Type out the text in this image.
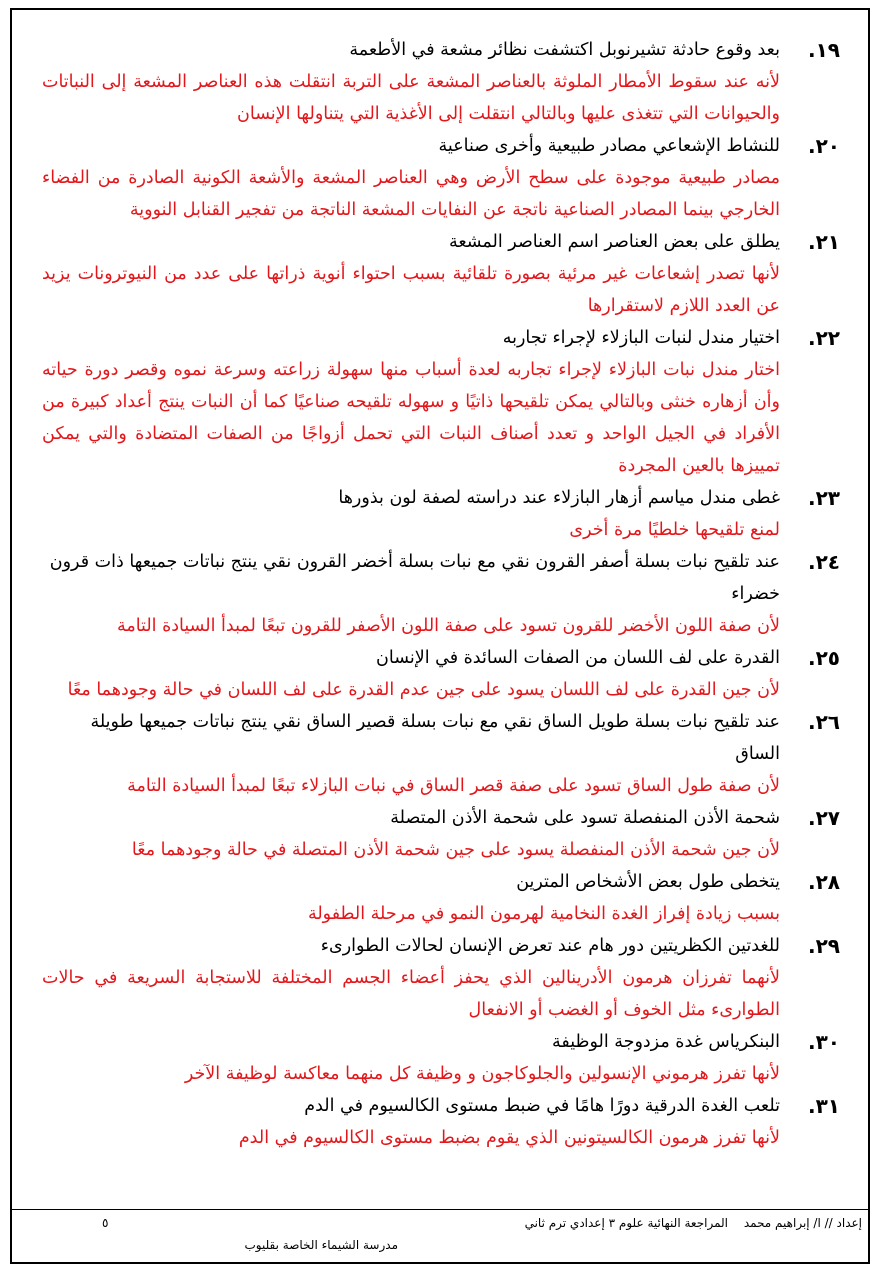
١٩.

بعد وقوع حادثة تشيرنوبل اكتشفت نظائر مشعة في الأطعمة

لأنه عند سقوط الأمطار الملوثة بالعناصر المشعة على التربة انتقلت هذه العناصر المشعة إلى النباتات والحيوانات التي تتغذى عليها وبالتالي انتقلت إلى الأغذية التي يتناولها الإنسان

٢٠.

للنشاط الإشعاعي مصادر طبيعية وأخرى صناعية

مصادر طبيعية موجودة على سطح الأرض وهي العناصر المشعة والأشعة الكونية الصادرة من الفضاء الخارجي بينما المصادر الصناعية ناتجة عن النفايات المشعة الناتجة من تفجير القنابل النووية

٢١.

يطلق على بعض العناصر اسم العناصر المشعة

لأنها تصدر إشعاعات غير مرئية بصورة تلقائية بسبب احتواء أنوية ذراتها على عدد من النيوترونات يزيد عن العدد اللازم لاستقرارها

٢٢.

اختيار مندل لنبات البازلاء لإجراء تجاربه

اختار مندل نبات البازلاء لإجراء تجاربه لعدة أسباب منها سهولة زراعته وسرعة نموه وقصر دورة حياته وأن أزهاره خنثى وبالتالي يمكن تلقيحها ذاتيًا و سهوله تلقيحه صناعيًا كما أن النبات ينتج أعداد كبيرة من الأفراد في الجيل الواحد و تعدد أصناف النبات التي تحمل أزواجًا من الصفات المتضادة والتي يمكن تمييزها بالعين المجردة

٢٣.

غطى مندل مياسم أزهار البازلاء عند دراسته لصفة لون بذورها

لمنع تلقيحها خلطيًا مرة أخرى

٢٤.

عند تلقيح نبات بسلة أصفر القرون نقي مع نبات بسلة أخضر القرون نقي ينتج نباتات جميعها ذات قرون خضراء

لأن صفة اللون الأخضر للقرون تسود على صفة اللون الأصفر للقرون تبعًا لمبدأ السيادة التامة

٢٥.

القدرة على لف اللسان من الصفات السائدة في الإنسان

لأن جين القدرة على لف اللسان يسود على جين عدم القدرة على لف اللسان في حالة وجودهما معًا

٢٦.

عند تلقيح نبات بسلة طويل الساق نقي مع نبات بسلة قصير الساق نقي ينتج نباتات جميعها طويلة الساق

لأن صفة طول الساق تسود على صفة قصر الساق في نبات البازلاء تبعًا لمبدأ السيادة التامة

٢٧.

شحمة الأذن المنفصلة تسود على شحمة الأذن المتصلة

لأن جين شحمة الأذن المنفصلة يسود على جين شحمة الأذن المتصلة في حالة وجودهما معًا

٢٨.

يتخطى طول بعض الأشخاص المترين

بسبب زيادة إفراز الغدة النخامية لهرمون النمو في مرحلة الطفولة

٢٩.

للغدتين الكظريتين دور هام عند تعرض الإنسان لحالات الطوارىء

لأنهما تفرزان هرمون الأدرينالين الذي يحفز أعضاء الجسم المختلفة للاستجابة السريعة في حالات الطوارىء مثل الخوف أو الغضب أو الانفعال

٣٠.

البنكرياس غدة مزدوجة الوظيفة

لأنها تفرز هرموني الإنسولين والجلوكاجون و وظيفة كل منهما معاكسة لوظيفة الآخر

٣١.

تلعب الغدة الدرقية دورًا هامًا في ضبط مستوى الكالسيوم في الدم

لأنها تفرز هرمون الكالسيتونين الذي يقوم بضبط مستوى الكالسيوم في الدم

إعداد // ا/ إبراهيم محمد
المراجعة النهائية علوم ٣ إعدادي ترم ثاني
مدرسة الشيماء الخاصة بقليوب
٥
